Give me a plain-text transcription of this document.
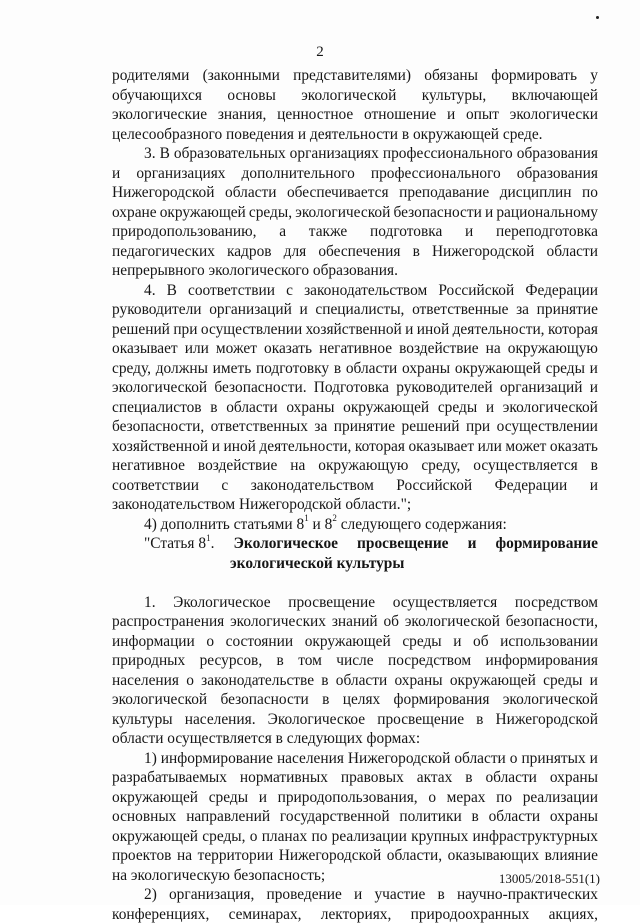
2
родителями (законными представителями) обязаны формировать у
обучающихся основы экологической культуры, включающей
экологические знания, ценностное отношение и опыт экологически
целесообразного поведения и деятельности в окружающей среде.
3. В образовательных организациях профессионального образования
и организациях дополнительного профессионального образования
Нижегородской области обеспечивается преподавание дисциплин по
охране окружающей среды, экологической безопасности и рациональному
природопользованию, а также подготовка и переподготовка
педагогических кадров для обеспечения в Нижегородской области
непрерывного экологического образования.
4. В соответствии с законодательством Российской Федерации
руководители организаций и специалисты, ответственные за принятие
решений при осуществлении хозяйственной и иной деятельности, которая
оказывает или может оказать негативное воздействие на окружающую
среду, должны иметь подготовку в области охраны окружающей среды и
экологической безопасности. Подготовка руководителей организаций и
специалистов в области охраны окружающей среды и экологической
безопасности, ответственных за принятие решений при осуществлении
хозяйственной и иной деятельности, которая оказывает или может оказать
негативное воздействие на окружающую среду, осуществляется в
соответствии с законодательством Российской Федерации и
законодательством Нижегородской области.";
4) дополнить статьями $8^1$ и $8^2$ следующего содержания:
"Статья $8^1$. Экологическое просвещение и формирование
экологической культуры
1. Экологическое просвещение осуществляется посредством
распространения экологических знаний об экологической безопасности,
информации о состоянии окружающей среды и об использовании
природных ресурсов, в том числе посредством информирования
населения о законодательстве в области охраны окружающей среды и
экологической безопасности в целях формирования экологической
культуры населения. Экологическое просвещение в Нижегородской
области осуществляется в следующих формах:
1) информирование населения Нижегородской области о принятых и
разрабатываемых нормативных правовых актах в области охраны
окружающей среды и природопользования, о мерах по реализации
основных направлений государственной политики в области охраны
окружающей среды, о планах по реализации крупных инфраструктурных
проектов на территории Нижегородской области, оказывающих влияние
на экологическую безопасность;
2) организация, проведение и участие в научно-практических
конференциях, семинарах, лекториях, природоохранных акциях,
13005/2018-551(1)
